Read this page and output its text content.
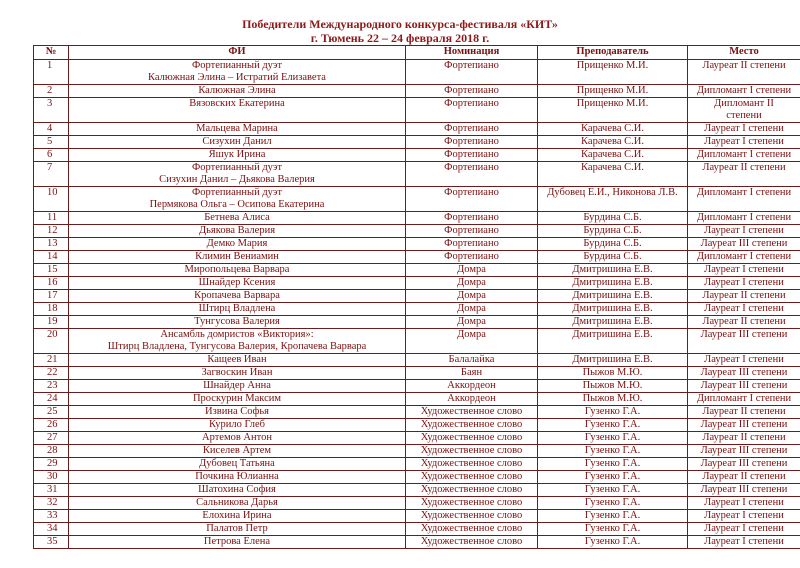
Победители Международного конкурса-фестиваля «КИТ»
г. Тюмень 22 – 24 февраля 2018 г.
№	ФИ	Номинация	Преподаватель	Место
1	Фортепианный дуэт
Калюжная Элина – Истратий Елизавета	Фортепиано	Прищенко М.И.	Лауреат II степени
2	Калюжная Элина	Фортепиано	Прищенко М.И.	Дипломант I степени
3	Вязовских Екатерина	Фортепиано	Прищенко М.И.	Дипломант II
степени
4	Мальцева Марина	Фортепиано	Карачева С.И.	Лауреат I степени
5	Сизухин Данил	Фортепиано	Карачева С.И.	Лауреат I степени
6	Яшук Ирина	Фортепиано	Карачева С.И.	Дипломант I степени
7	Фортепианный дуэт
Сизухин Данил – Дьякова Валерия	Фортепиано	Карачева С.И.	Лауреат II степени
10	Фортепианный дуэт
Пермякова Ольга – Осипова Екатерина	Фортепиано	Дубовец Е.И., Никонова Л.В.	Дипломант I степени
11	Бетнева Алиса	Фортепиано	Бурдина С.Б.	Дипломант I степени
12	Дьякова Валерия	Фортепиано	Бурдина С.Б.	Лауреат I степени
13	Демко Мария	Фортепиано	Бурдина С.Б.	Лауреат III степени
14	Климин Вениамин	Фортепиано	Бурдина С.Б.	Дипломант I степени
15	Миропольцева Варвара	Домра	Дмитришина Е.В.	Лауреат I степени
16	Шнайдер Ксения	Домра	Дмитришина Е.В.	Лауреат I степени
17	Кропачева Варвара	Домра	Дмитришина Е.В.	Лауреат II степени
18	Штирц Владлена	Домра	Дмитришина Е.В.	Лауреат I степени
19	Тунгусова Валерия	Домра	Дмитришина Е.В.	Лауреат II степени
20	Ансамбль домристов «Виктория»:
Штирц Владлена, Тунгусова Валерия, Кропачева Варвара	Домра	Дмитришина Е.В.	Лауреат III степени
21	Кащеев Иван	Балалайка	Дмитришина Е.В.	Лауреат I степени
22	Загвоскин Иван	Баян	Пыжов М.Ю.	Лауреат III степени
23	Шнайдер Анна	Аккордеон	Пыжов М.Ю.	Лауреат III степени
24	Проскурин Максим	Аккордеон	Пыжов М.Ю.	Дипломант I степени
25	Извина Софья	Художественное слово	Гузенко Г.А.	Лауреат II степени
26	Курило Глеб	Художественное слово	Гузенко Г.А.	Лауреат III степени
27	Артемов Антон	Художественное слово	Гузенко Г.А.	Лауреат II степени
28	Киселев Артем	Художественное слово	Гузенко Г.А.	Лауреат III степени
29	Дубовец Татьяна	Художественное слово	Гузенко Г.А.	Лауреат III степени
30	Почкина Юлианна	Художественное слово	Гузенко Г.А.	Лауреат II степени
31	Шатохина София	Художественное слово	Гузенко Г.А.	Лауреат III степени
32	Сальникова Дарья	Художественное слово	Гузенко Г.А.	Лауреат I степени
33	Елохина Ирина	Художественное слово	Гузенко Г.А.	Лауреат I степени
34	Палатов Петр	Художественное слово	Гузенко Г.А.	Лауреат I степени
35	Петрова Елена	Художественное слово	Гузенко Г.А.	Лауреат I степени
